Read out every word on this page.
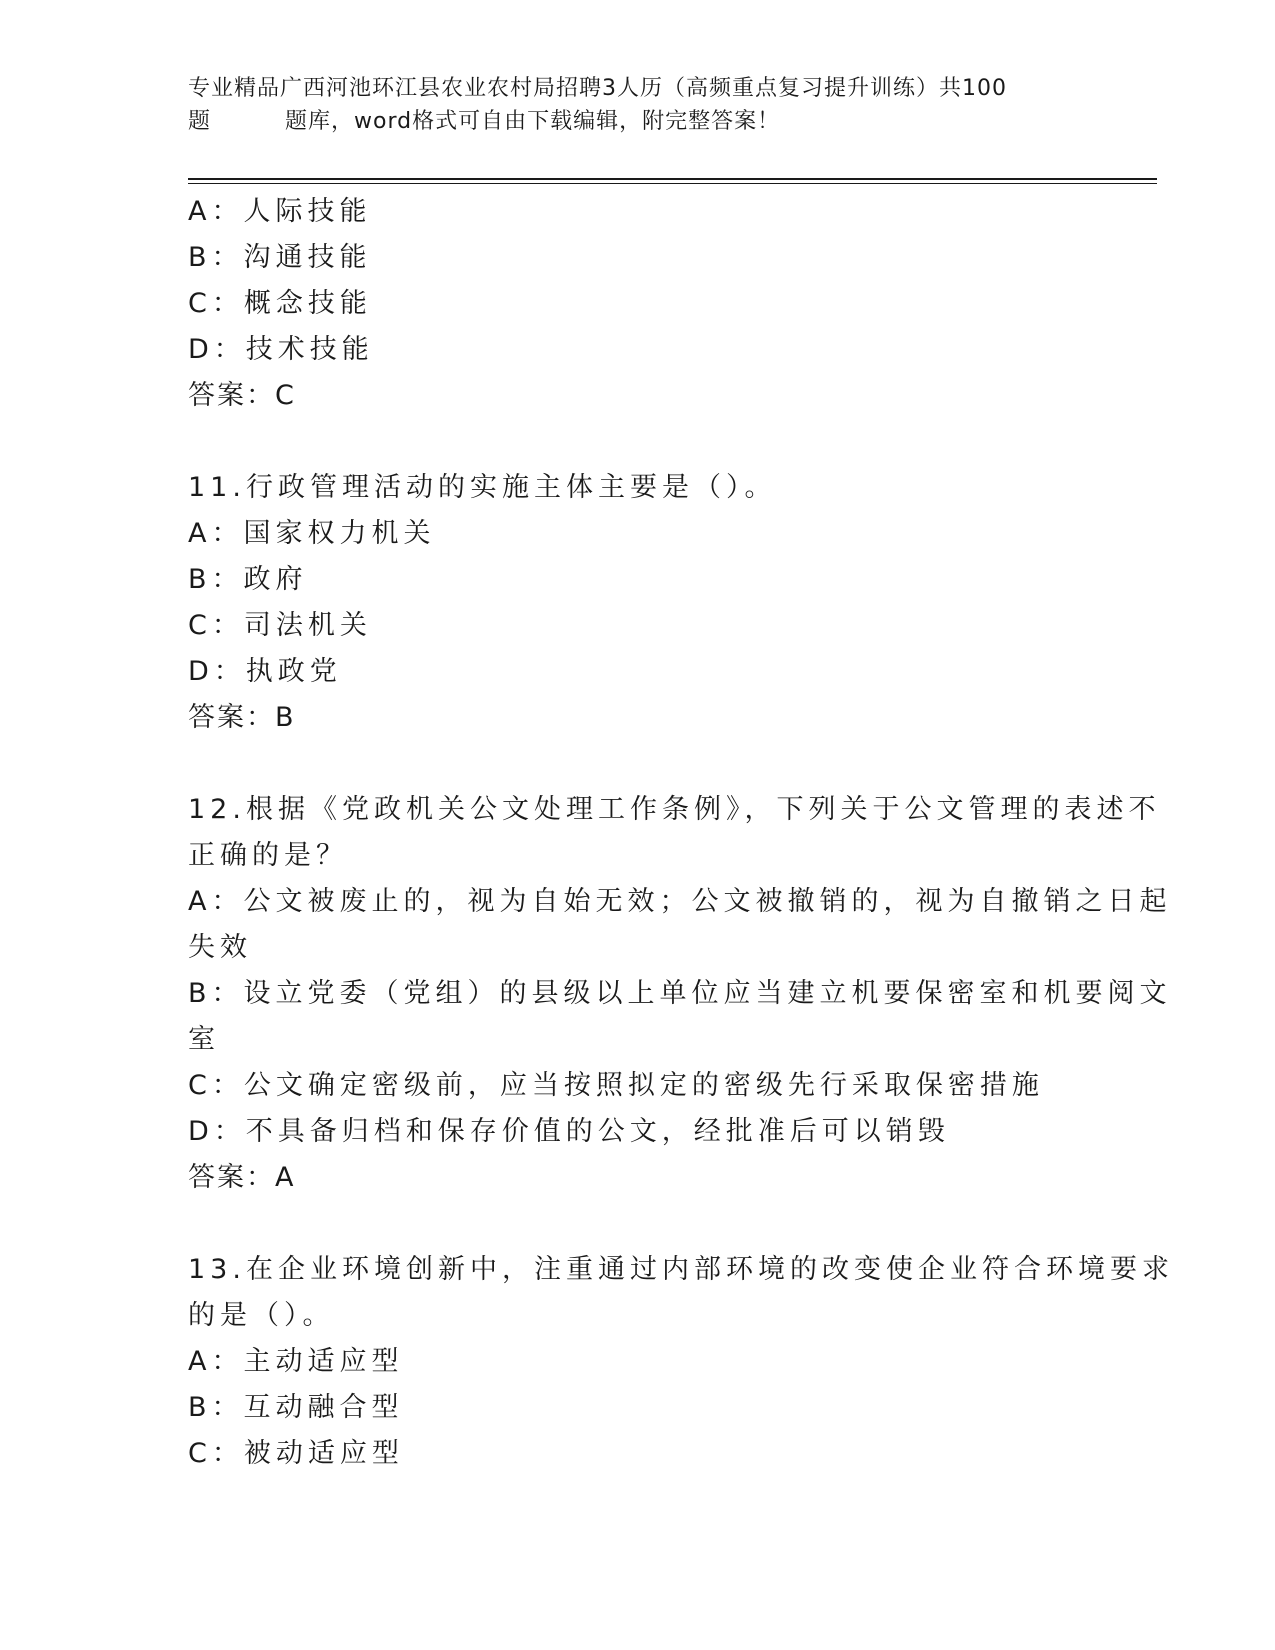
专业精品广西河池环江县农业农村局招聘3人历（高频重点复习提升训练）共100
题	题库，word格式可自由下载编辑，附完整答案！
A：人际技能
B：沟通技能
C：概念技能
D：技术技能
答案：C
11.行政管理活动的实施主体主要是（）。
A：国家权力机关
B：政府
C：司法机关
D：执政党
答案：B
12.根据《党政机关公文处理工作条例》，下列关于公文管理的表述不
正确的是？
A：公文被废止的，视为自始无效；公文被撤销的，视为自撤销之日起
失效
B：设立党委（党组）的县级以上单位应当建立机要保密室和机要阅文
室
C：公文确定密级前，应当按照拟定的密级先行采取保密措施
D：不具备归档和保存价值的公文，经批准后可以销毁
答案：A
13.在企业环境创新中，注重通过内部环境的改变使企业符合环境要求
的是（）。
A：主动适应型
B：互动融合型
C：被动适应型
